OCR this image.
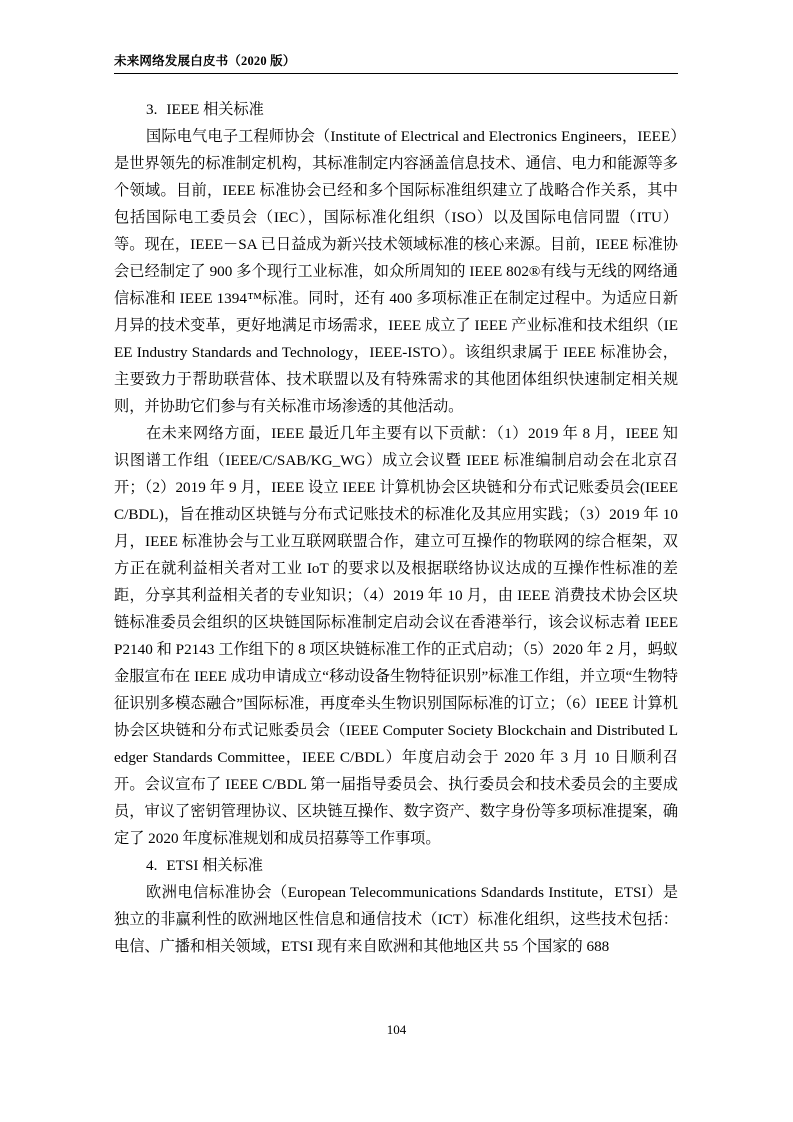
未来网络发展白皮书（2020 版）

3. IEEE 相关标准

国际电气电子工程师协会（Institute of Electrical and Electronics Engineers，IEEE）是世界领先的标准制定机构，其标准制定内容涵盖信息技术、通信、电力和能源等多个领域。目前，IEEE 标准协会已经和多个国际标准组织建立了战略合作关系，其中包括国际电工委员会（IEC），国际标准化组织（ISO）以及国际电信同盟（ITU）等。现在，IEEE－SA 已日益成为新兴技术领域标准的核心来源。目前，IEEE 标准协会已经制定了 900 多个现行工业标准，如众所周知的 IEEE 802®有线与无线的网络通信标准和 IEEE 1394™标准。同时，还有 400 多项标准正在制定过程中。为适应日新月异的技术变革，更好地满足市场需求，IEEE 成立了 IEEE 产业标准和技术组织（IEEE Industry Standards and Technology，IEEE-ISTO）。该组织隶属于 IEEE 标准协会，主要致力于帮助联营体、技术联盟以及有特殊需求的其他团体组织快速制定相关规则，并协助它们参与有关标准市场渗透的其他活动。

在未来网络方面，IEEE 最近几年主要有以下贡献：（1）2019 年 8 月，IEEE 知识图谱工作组（IEEE/C/SAB/KG_WG）成立会议暨 IEEE 标准编制启动会在北京召开；（2）2019 年 9 月，IEEE 设立 IEEE 计算机协会区块链和分布式记账委员会(IEEE C/BDL)，旨在推动区块链与分布式记账技术的标准化及其应用实践；（3）2019 年 10 月，IEEE 标准协会与工业互联网联盟合作，建立可互操作的物联网的综合框架，双方正在就利益相关者对工业 IoT 的要求以及根据联络协议达成的互操作性标准的差距，分享其利益相关者的专业知识；（4）2019 年 10 月，由 IEEE 消费技术协会区块链标准委员会组织的区块链国际标准制定启动会议在香港举行，该会议标志着 IEEE P2140 和 P2143 工作组下的 8 项区块链标准工作的正式启动；（5）2020 年 2 月，蚂蚁金服宣布在 IEEE 成功申请成立“移动设备生物特征识别”标准工作组，并立项“生物特征识别多模态融合”国际标准，再度牵头生物识别国际标准的订立；（6）IEEE 计算机协会区块链和分布式记账委员会（IEEE Computer Society Blockchain and Distributed Ledger Standards Committee，IEEE C/BDL）年度启动会于 2020 年 3 月 10 日顺利召开。会议宣布了 IEEE C/BDL 第一届指导委员会、执行委员会和技术委员会的主要成员，审议了密钥管理协议、区块链互操作、数字资产、数字身份等多项标准提案，确定了 2020 年度标准规划和成员招募等工作事项。

4. ETSI 相关标准

欧洲电信标准协会（European Telecommunications Sdandards Institute，ETSI）是独立的非赢利性的欧洲地区性信息和通信技术（ICT）标准化组织，这些技术包括：电信、广播和相关领域，ETSI 现有来自欧洲和其他地区共 55 个国家的 688

104
